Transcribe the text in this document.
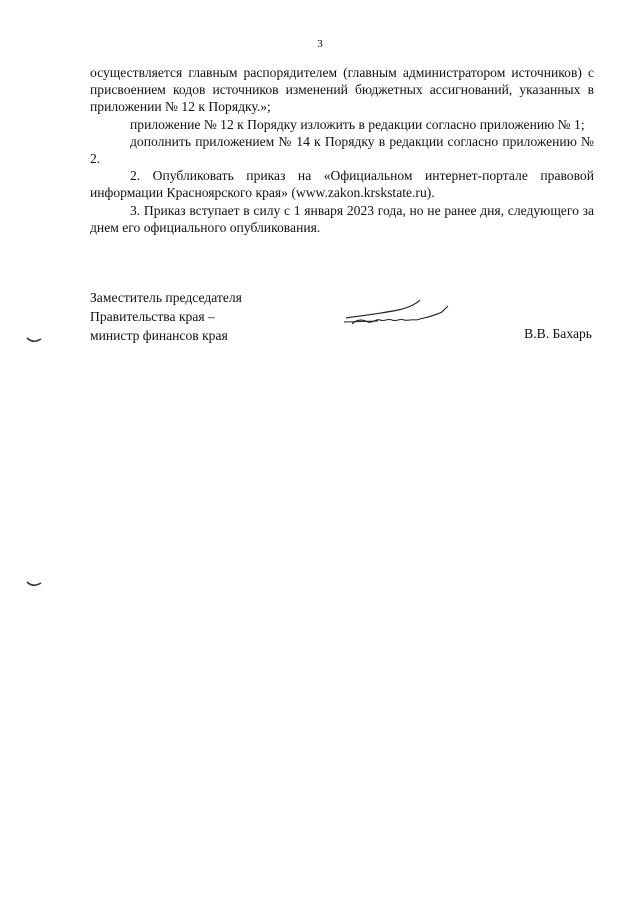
3

осуществляется главным распорядителем (главным администратором источников) с присвоением кодов источников изменений бюджетных ассигнований, указанных в приложении № 12 к Порядку.»;

приложение № 12 к Порядку изложить в редакции согласно приложению № 1;

дополнить приложением № 14 к Порядку в редакции согласно приложению № 2.

2. Опубликовать приказ на «Официальном интернет-портале правовой информации Красноярского края» (www.zakon.krskstate.ru).

3. Приказ вступает в силу с 1 января 2023 года, но не ранее дня, следующего за днем его официального опубликования.

Заместитель председателя
Правительства края –
министр финансов края	В.В. Бахарь
